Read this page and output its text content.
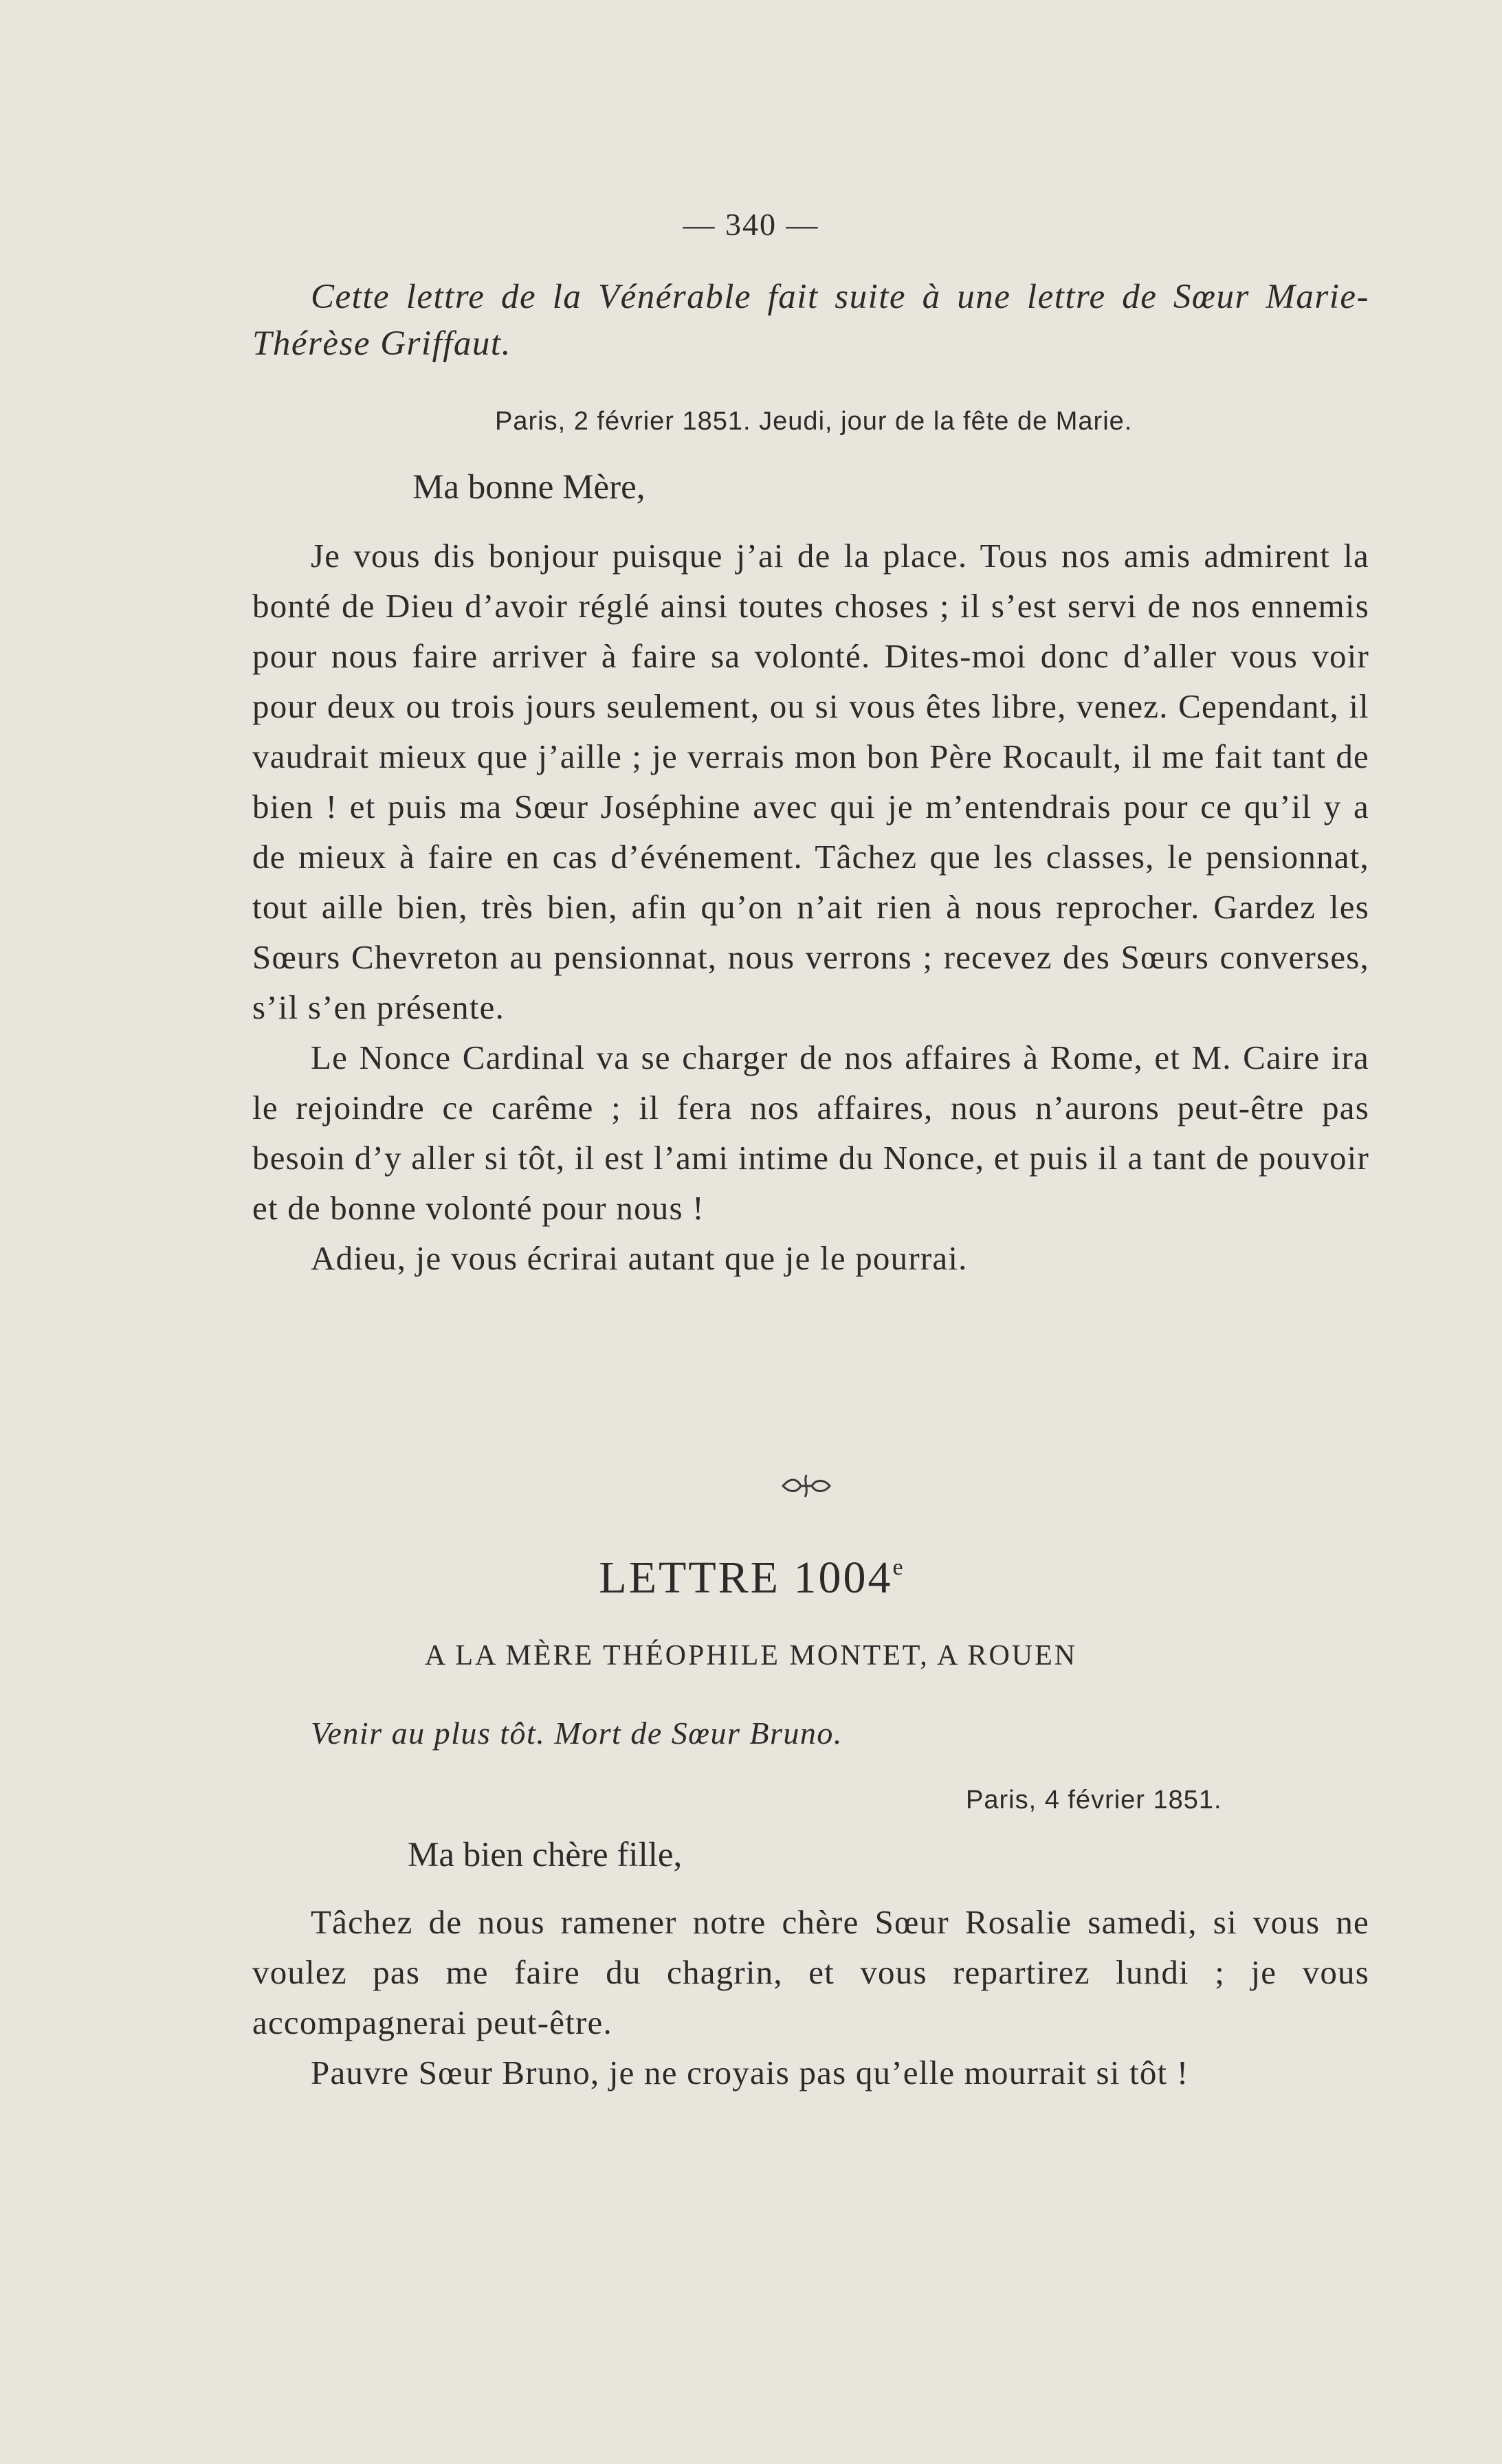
— 340 —
Cette lettre de la Vénérable fait suite à une lettre de Sœur Marie-Thérèse Griffaut.
Paris, 2 février 1851. Jeudi, jour de la fête de Marie.
Ma bonne Mère,

Je vous dis bonjour puisque j’ai de la place. Tous nos amis admirent la bonté de Dieu d’avoir réglé ainsi toutes choses ; il s’est servi de nos ennemis pour nous faire arriver à faire sa volonté. Dites-moi donc d’aller vous voir pour deux ou trois jours seulement, ou si vous êtes libre, venez. Cependant, il vaudrait mieux que j’aille ; je verrais mon bon Père Rocault, il me fait tant de bien ! et puis ma Sœur Joséphine avec qui je m’entendrais pour ce qu’il y a de mieux à faire en cas d’événement. Tâchez que les classes, le pensionnat, tout aille bien, très bien, afin qu’on n’ait rien à nous reprocher. Gardez les Sœurs Chevreton au pensionnat, nous verrons ; recevez des Sœurs converses, s’il s’en présente.

Le Nonce Cardinal va se charger de nos affaires à Rome, et M. Caire ira le rejoindre ce carême ; il fera nos affaires, nous n’aurons peut-être pas besoin d’y aller si tôt, il est l’ami intime du Nonce, et puis il a tant de pouvoir et de bonne volonté pour nous !

Adieu, je vous écrirai autant que je le pourrai.

LETTRE 1004e
A LA MÈRE THÉOPHILE MONTET, A ROUEN
Venir au plus tôt. Mort de Sœur Bruno.
Paris, 4 février 1851.
Ma bien chère fille,

Tâchez de nous ramener notre chère Sœur Rosalie samedi, si vous ne voulez pas me faire du chagrin, et vous repartirez lundi ; je vous accompagnerai peut-être.

Pauvre Sœur Bruno, je ne croyais pas qu’elle mourrait si tôt !
